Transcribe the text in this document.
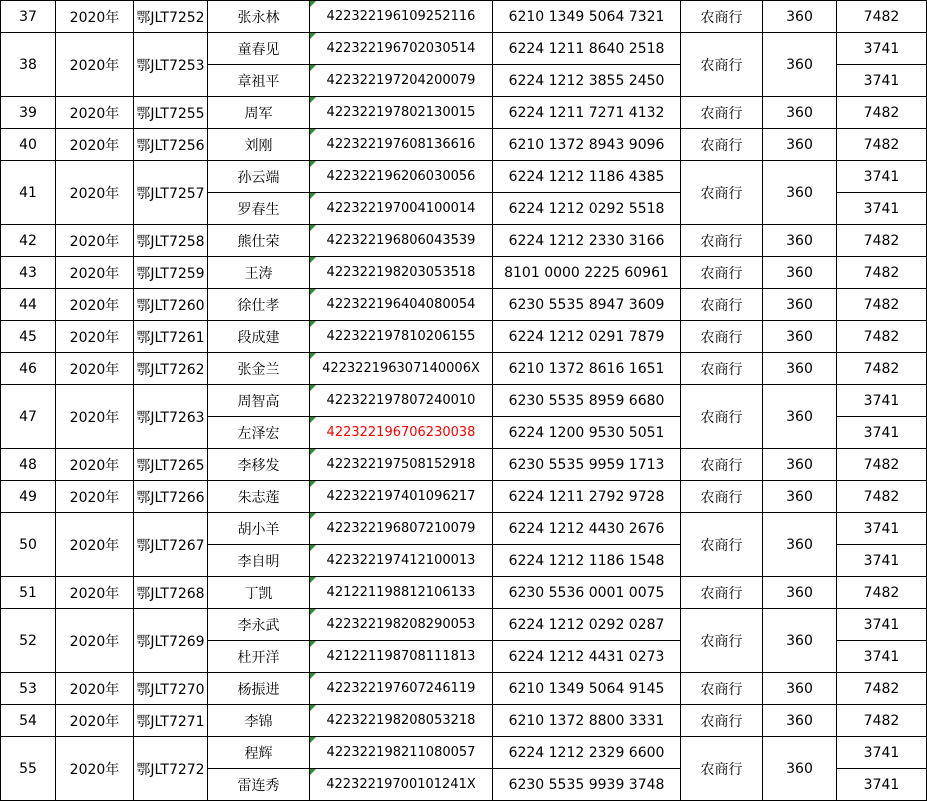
37	2020年	鄂JLT7252	张永林	422322196109252116	6210 1349 5064 7321	农商行	360	7482
38	2020年	鄂JLT7253	童春见	422322196702030514	6224 1211 8640 2518	农商行	360	3741
			章祖平	422322197204200079	6224 1212 3855 2450			3741
39	2020年	鄂JLT7255	周军	422322197802130015	6224 1211 7271 4132	农商行	360	7482
40	2020年	鄂JLT7256	刘刚	422322197608136616	6210 1372 8943 9096	农商行	360	7482
41	2020年	鄂JLT7257	孙云端	422322196206030056	6224 1212 1186 4385	农商行	360	3741
			罗春生	422322197004100014	6224 1212 0292 5518			3741
42	2020年	鄂JLT7258	熊仕荣	422322196806043539	6224 1212 2330 3166	农商行	360	7482
43	2020年	鄂JLT7259	王涛	422322198203053518	8101 0000 2225 60961	农商行	360	7482
44	2020年	鄂JLT7260	徐仕孝	422322196404080054	6230 5535 8947 3609	农商行	360	7482
45	2020年	鄂JLT7261	段成建	422322197810206155	6224 1212 0291 7879	农商行	360	7482
46	2020年	鄂JLT7262	张金兰	422322196307140006X	6210 1372 8616 1651	农商行	360	7482
47	2020年	鄂JLT7263	周智高	422322197807240010	6230 5535 8959 6680	农商行	360	3741
			左泽宏	422322196706230038	6224 1200 9530 5051			3741
48	2020年	鄂JLT7265	李移发	422322197508152918	6230 5535 9959 1713	农商行	360	7482
49	2020年	鄂JLT7266	朱志莲	422322197401096217	6224 1211 2792 9728	农商行	360	7482
50	2020年	鄂JLT7267	胡小羊	422322196807210079	6224 1212 4430 2676	农商行	360	3741
			李自明	422322197412100013	6224 1212 1186 1548			3741
51	2020年	鄂JLT7268	丁凯	421221198812106133	6230 5536 0001 0075	农商行	360	7482
52	2020年	鄂JLT7269	李永武	422322198208290053	6224 1212 0292 0287	农商行	360	3741
			杜开洋	421221198708111813	6224 1212 4431 0273			3741
53	2020年	鄂JLT7270	杨振进	422322197607246119	6210 1349 5064 9145	农商行	360	7482
54	2020年	鄂JLT7271	李锦	422322198208053218	6210 1372 8800 3331	农商行	360	7482
55	2020年	鄂JLT7272	程辉	422322198211080057	6224 1212 2329 6600	农商行	360	3741
			雷连秀	42232219700101241X	6230 5535 9939 3748			3741
